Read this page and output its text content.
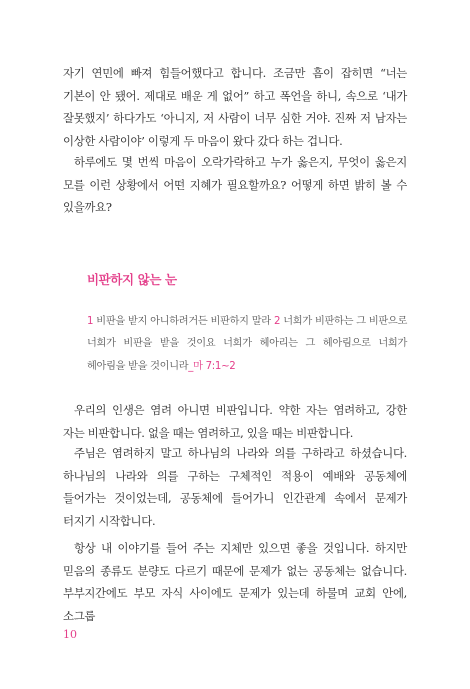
자기 연민에 빠져 힘들어했다고 합니다. 조금만 흠이 잡히면 “너는 기본이 안 됐어. 제대로 배운 게 없어” 하고 폭언을 하니, 속으로 ‘내가 잘못했지’ 하다가도 ‘아니지, 저 사람이 너무 심한 거야. 진짜 저 남자는 이상한 사람이야’ 이렇게 두 마음이 왔다 갔다 하는 겁니다.

하루에도 몇 번씩 마음이 오락가락하고 누가 옳은지, 무엇이 옳은지 모를 이런 상황에서 어떤 지혜가 필요할까요? 어떻게 하면 밝히 볼 수 있을까요?

비판하지 않는 눈

1 비판을 받지 아니하려거든 비판하지 말라 2 너희가 비판하는 그 비판으로 너희가 비판을 받을 것이요 너희가 헤아리는 그 헤아림으로 너희가 헤아림을 받을 것이니라_마 7:1~2

우리의 인생은 염려 아니면 비판입니다. 약한 자는 염려하고, 강한 자는 비판합니다. 없을 때는 염려하고, 있을 때는 비판합니다.

주님은 염려하지 말고 하나님의 나라와 의를 구하라고 하셨습니다. 하나님의 나라와 의를 구하는 구체적인 적용이 예배와 공동체에 들어가는 것이었는데, 공동체에 들어가니 인간관계 속에서 문제가 터지기 시작합니다.

항상 내 이야기를 들어 주는 지체만 있으면 좋을 것입니다. 하지만 믿음의 종류도 분량도 다르기 때문에 문제가 없는 공동체는 없습니다. 부부지간에도 부모 자식 사이에도 문제가 있는데 하물며 교회 안에, 소그룹

10
